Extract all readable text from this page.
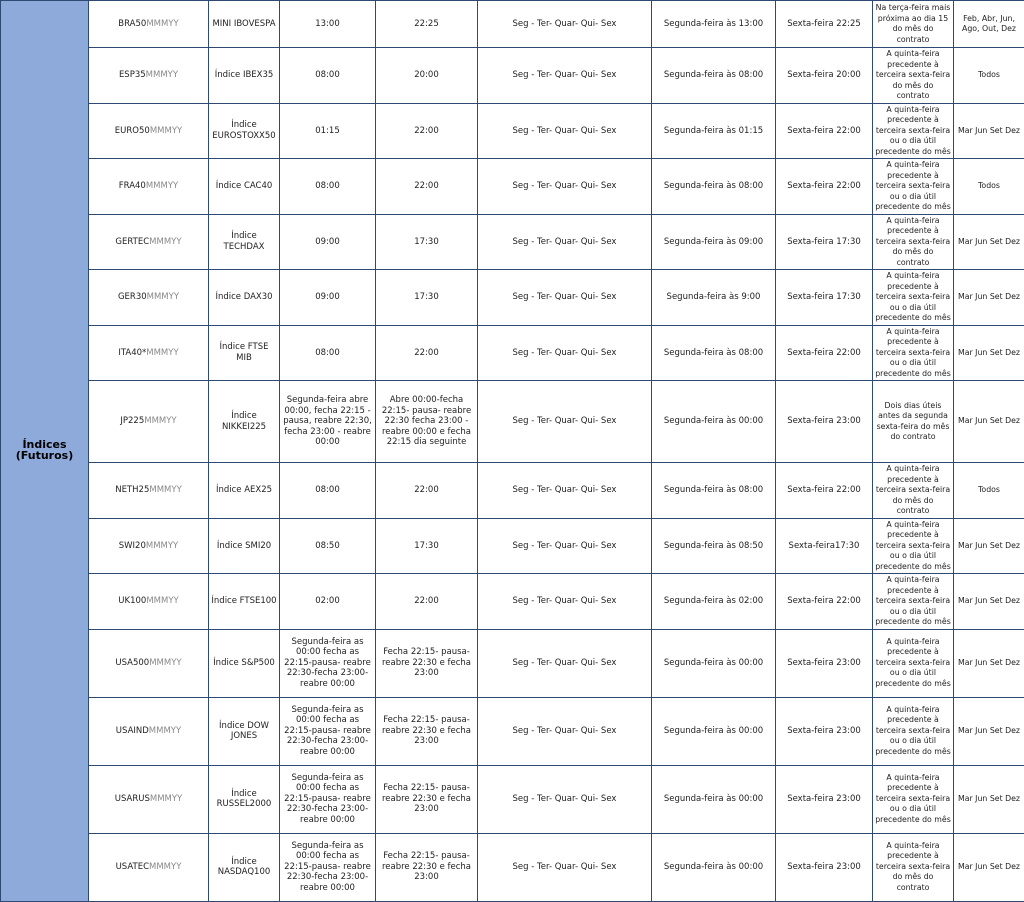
Índices
(Futuros)	BRA50MMMYY	MINI IBOVESPA	13:00	22:25	Seg - Ter- Quar- Qui- Sex	Segunda-feira às 13:00	Sexta-feira 22:25	Na terça-feira mais próxima ao dia 15 do mês do contrato	Feb, Abr, Jun, Ago, Out, Dez
	ESP35MMMYY	Índice IBEX35	08:00	20:00	Seg - Ter- Quar- Qui- Sex	Segunda-feira às 08:00	Sexta-feira 20:00	A quinta-feira precedente à terceira sexta-feira do mês do contrato	Todos
	EURO50MMMYY	Índice EUROSTOXX50	01:15	22:00	Seg - Ter- Quar- Qui- Sex	Segunda-feira às 01:15	Sexta-feira 22:00	A quinta-feira precedente à terceira sexta-feira ou o dia útil precedente do mês	Mar Jun Set Dez
	FRA40MMMYY	Índice CAC40	08:00	22:00	Seg - Ter- Quar- Qui- Sex	Segunda-feira às 08:00	Sexta-feira 22:00	A quinta-feira precedente à terceira sexta-feira ou o dia útil precedente do mês	Todos
	GERTECMMMYY	Índice TECHDAX	09:00	17:30	Seg - Ter- Quar- Qui- Sex	Segunda-feira às 09:00	Sexta-feira 17:30	A quinta-feira precedente à terceira sexta-feira do mês do contrato	Mar Jun Set Dez
	GER30MMMYY	Índice DAX30	09:00	17:30	Seg - Ter- Quar- Qui- Sex	Segunda-feira às 9:00	Sexta-feira 17:30	A quinta-feira precedente à terceira sexta-feira ou o dia útil precedente do mês	Mar Jun Set Dez
	ITA40*MMMYY	Índice FTSE MIB	08:00	22:00	Seg - Ter- Quar- Qui- Sex	Segunda-feira às 08:00	Sexta-feira 22:00	A quinta-feira precedente à terceira sexta-feira ou o dia útil precedente do mês	Mar Jun Set Dez
	JP225MMMYY	Índice NIKKEI225	Segunda-feira abre 00:00, fecha 22:15 - pausa, reabre 22:30, fecha 23:00 - reabre 00:00	Abre 00:00-fecha 22:15- pausa- reabre 22:30 fecha 23:00 - reabre 00:00 e fecha 22:15 dia seguinte	Seg - Ter- Quar- Qui- Sex	Segunda-feira às 00:00	Sexta-feira 23:00	Dois dias úteis antes da segunda sexta-feira do mês do contrato	Mar Jun Set Dez
	NETH25MMMYY	Índice AEX25	08:00	22:00	Seg - Ter- Quar- Qui- Sex	Segunda-feira às 08:00	Sexta-feira 22:00	A quinta-feira precedente à terceira sexta-feira do mês do contrato	Todos
	SWI20MMMYY	Índice SMI20	08:50	17:30	Seg - Ter- Quar- Qui- Sex	Segunda-feira às 08:50	Sexta-feira17:30	A quinta-feira precedente à terceira sexta-feira ou o dia útil precedente do mês	Mar Jun Set Dez
	UK100MMMYY	Índice FTSE100	02:00	22:00	Seg - Ter- Quar- Qui- Sex	Segunda-feira às 02:00	Sexta-feira 22:00	A quinta-feira precedente à terceira sexta-feira ou o dia útil precedente do mês	Mar Jun Set Dez
	USA500MMMYY	Índice S&P500	Segunda-feira as 00:00 fecha as 22:15-pausa- reabre 22:30-fecha 23:00- reabre 00:00	Fecha 22:15- pausa- reabre 22:30 e fecha 23:00	Seg - Ter- Quar- Qui- Sex	Segunda-feira às 00:00	Sexta-feira 23:00	A quinta-feira precedente à terceira sexta-feira ou o dia útil precedente do mês	Mar Jun Set Dez
	USAINDMMMYY	Índice DOW JONES	Segunda-feira as 00:00 fecha as 22:15-pausa- reabre 22:30-fecha 23:00- reabre 00:00	Fecha 22:15- pausa- reabre 22:30 e fecha 23:00	Seg - Ter- Quar- Qui- Sex	Segunda-feira às 00:00	Sexta-feira 23:00	A quinta-feira precedente à terceira sexta-feira ou o dia útil precedente do mês	Mar Jun Set Dez
	USARUSMMMYY	Índice RUSSEL2000	Segunda-feira as 00:00 fecha as 22:15-pausa- reabre 22:30-fecha 23:00- reabre 00:00	Fecha 22:15- pausa- reabre 22:30 e fecha 23:00	Seg - Ter- Quar- Qui- Sex	Segunda-feira às 00:00	Sexta-feira 23:00	A quinta-feira precedente à terceira sexta-feira ou o dia útil precedente do mês	Mar Jun Set Dez
	USATECMMMYY	Índice NASDAQ100	Segunda-feira as 00:00 fecha as 22:15-pausa- reabre 22:30-fecha 23:00- reabre 00:00	Fecha 22:15- pausa- reabre 22:30 e fecha 23:00	Seg - Ter- Quar- Qui- Sex	Segunda-feira às 00:00	Sexta-feira 23:00	A quinta-feira precedente à terceira sexta-feira do mês do contrato	Mar Jun Set Dez
